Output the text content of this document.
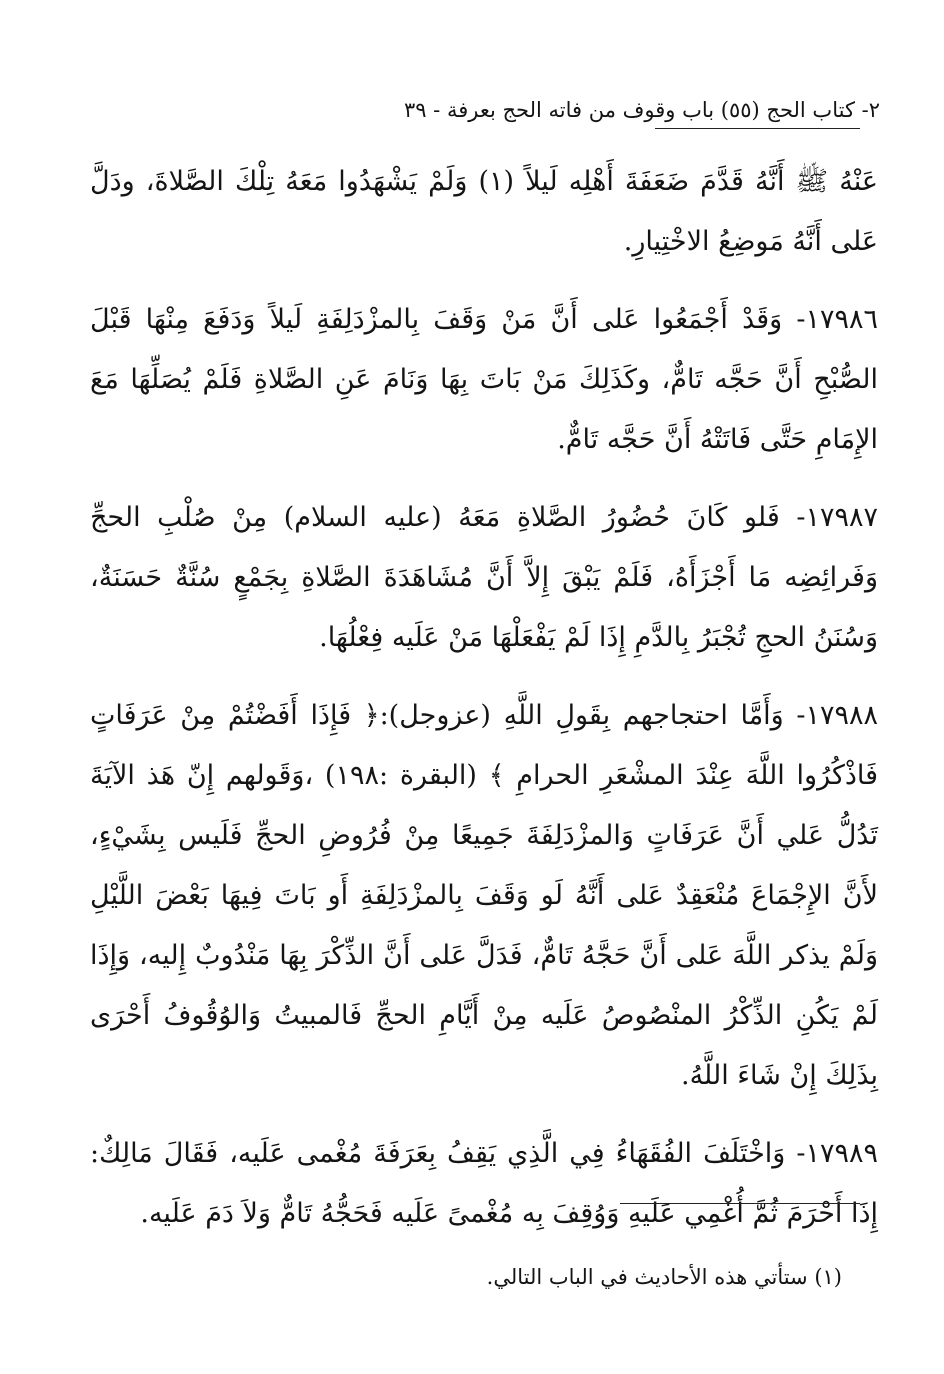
٢- كتاب الحج (٥٥) باب وقوف من فاته الحج بعرفة - ٣٩

عَنْهُ ﷺ أَنَّهُ قَدَّمَ ضَعَفَةَ أَهْلِه لَيلاً (١) وَلَمْ يَشْهَدُوا مَعَهُ تِلْكَ الصَّلاةَ، ودَلَّ عَلى أَنَّهُ مَوضِعُ الاخْتِيارِ.

١٧٩٨٦- وَقَدْ أَجْمَعُوا عَلى أَنَّ مَنْ وَقَفَ بِالمزْدَلِفَةِ لَيلاً وَدَفَعَ مِنْهَا قَبْلَ الصُّبْحِ أَنَّ حَجَّه تَامٌّ، وكَذَلِكَ مَنْ بَاتَ بِهَا وَنَامَ عَنِ الصَّلاةِ فَلَمْ يُصَلِّهَا مَعَ الإِمَامِ حَتَّى فَاتَتْهُ أَنَّ حَجَّه تَامٌّ.

١٧٩٨٧- فَلو كَانَ حُضُورُ الصَّلاةِ مَعَهُ (عليه السلام) مِنْ صُلْبِ الحجِّ وَفَرائِضِه مَا أَجْزَأَهُ، فَلَمْ يَبْقَ إِلاَّ أَنَّ مُشَاهَدَةَ الصَّلاةِ بِجَمْعٍ سُنَّةٌ حَسَنَةٌ، وَسُنَنُ الحجِ تُجْبَرُ بِالدَّمِ إِذَا لَمْ يَفْعَلْهَا مَنْ عَلَيه فِعْلُهَا.

١٧٩٨٨- وَأَمَّا احتجاجهم بِقَولِ اللَّهِ (عزوجل):﴿ فَإِذَا أَفَضْتُمْ مِنْ عَرَفَاتٍ فَاذْكُرُوا اللَّهَ عِنْدَ المشْعَرِ الحرامِ ﴾ (البقرة :١٩٨) ،وَقَولهم إِنّ هَذ الآيَةَ تَدُلُّ عَلي أَنَّ عَرَفَاتٍ وَالمزْدَلِفَةَ جَمِيعًا مِنْ فُرُوضِ الحجِّ فَلَيس بِشَيْءٍ، لأَنَّ الإِجْمَاعَ مُنْعَقِدٌ عَلى أَنَّهُ لَو وَقَفَ بِالمزْدَلِفَةِ أَو بَاتَ فِيهَا بَعْضَ اللَّيْلِ وَلَمْ يذكر اللَّهَ عَلى أَنَّ حَجَّهُ تَامٌّ، فَدَلَّ عَلى أَنَّ الذِّكْرَ بِهَا مَنْدُوبٌ إِليه، وَإِذَا لَمْ يَكُنِ الذِّكْرُ المنْصُوصُ عَلَيه مِنْ أَيَّامِ الحجِّ فَالمبيتُ وَالوُقُوفُ أَحْرَى بِذَلِكَ إِنْ شَاءَ اللَّهُ.

١٧٩٨٩- وَاخْتَلَفَ الفُقَهَاءُ فِي الَّذِي يَقِفُ بِعَرَفَةَ مُغْمى عَلَيه، فَقَالَ مَالِكٌ: إِذَا أَحْرَمَ ثُمَّ أُغْمِي عَلَيهِ وَوُقِفَ بِه مُغْمىً عَلَيه فَحَجُّهُ تَامٌّ وَلاَ دَمَ عَلَيه.

(١) ستأتي هذه الأحاديث في الباب التالي.
